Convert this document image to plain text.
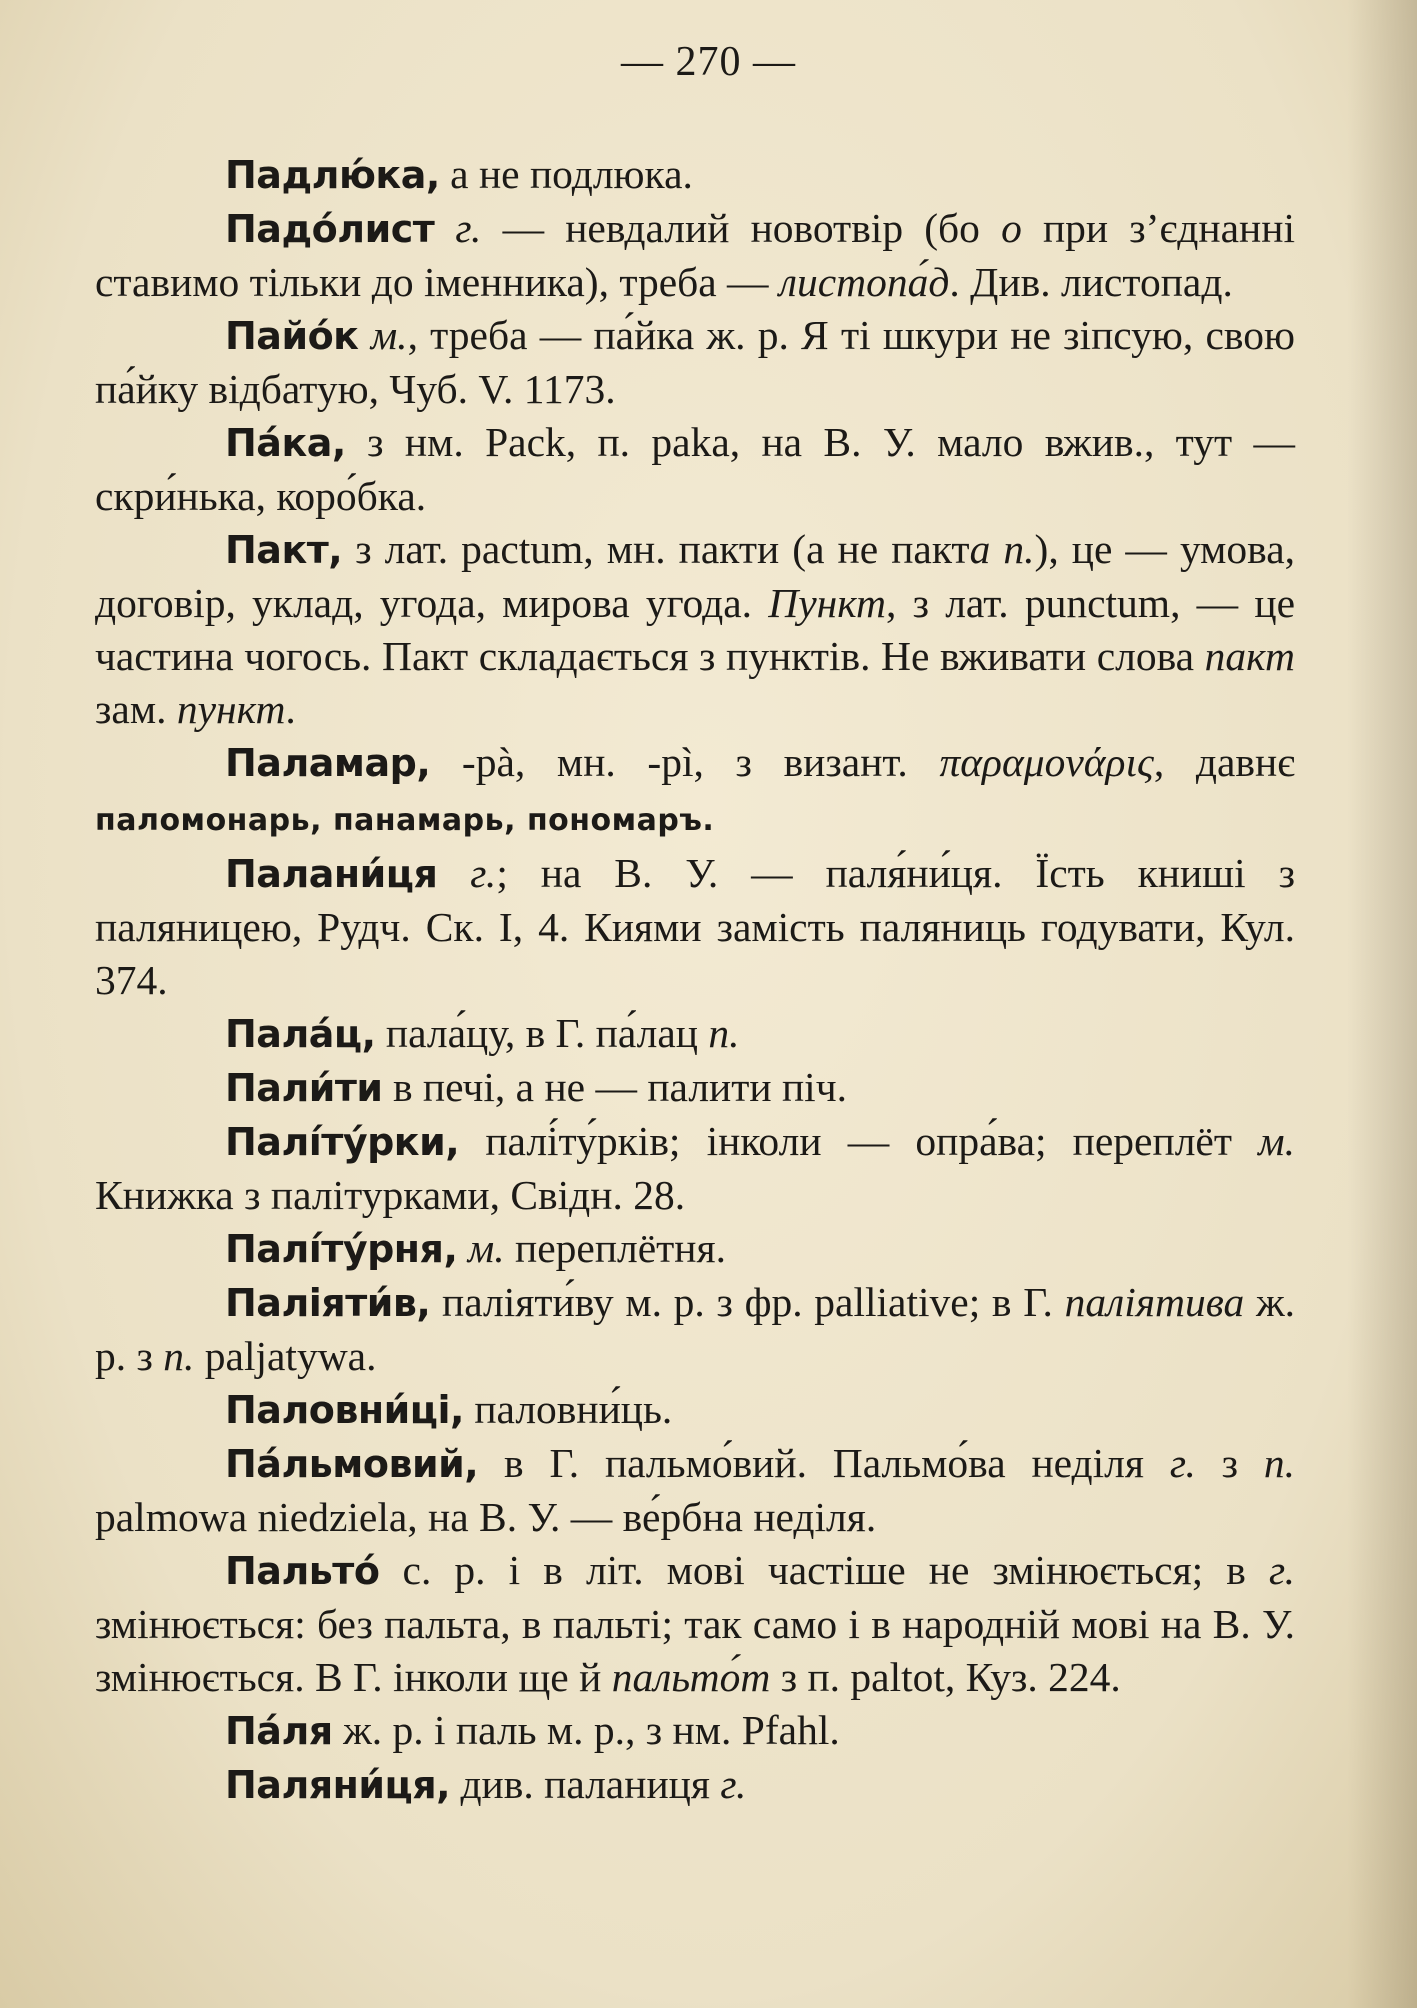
— 270 —

Падлю́ка, а не подлюка.

Падо́лист г. — невдалий новотвір (бо о при з’єднанні ставимо тільки до іменника), треба — листопа́д. Див. листопад.

Пайо́к м., треба — па́йка ж. р. Я ті шкури не зіпсую, свою па́йку відбатую, Чуб. V. 1173.

Па́ка, з нм. Pack, п. paka, на В. У. мало вжив., тут — скри́нька, коро́бка.

Пакт, з лат. pactum, мн. пакти (а не пакта п.), це — умова, договір, уклад, угода, мирова угода. Пункт, з лат. punctum, — це частина чогось. Пакт складається з пунктів. Не вживати слова пакт зам. пункт.

Паламар, -pà, мн. -pì, з визант. παραμονάρις, давнє паломонарь, панамарь, пономаръ.

Палани́ця г.; на В. У. — паля́ни́ця. Їсть книші з паляницею, Рудч. Ск. І, 4. Киями замість паляниць годувати, Кул. 374.

Пала́ц, пала́цу, в Г. па́лац п.

Пали́ти в печі, а не — палити піч.

Палі́ту́рки, палі́ту́рків; інколи — опра́ва; переплёт м. Книжка з палітурками, Свідн. 28.

Палі́ту́рня, м. переплётня.

Паліяти́в, паліяти́ву м. р. з фр. palliative; в Г. паліятива ж. р. з п. paljatywa.

Паловни́ці, паловни́ць.

Па́льмовий, в Г. пальмо́вий. Пальмо́ва неділя г. з п. palmowa niedziela, на В. У. — ве́рбна неділя.

Пальто́ с. р. і в літ. мові частіше не змінюється; в г. змінюється: без пальта, в пальті; так само і в народній мові на В. У. змінюється. В Г. інколи ще й пальто́т з п. paltot, Куз. 224.

Па́ля ж. р. і паль м. р., з нм. Pfahl.

Паляни́ця, див. паланиця г.
